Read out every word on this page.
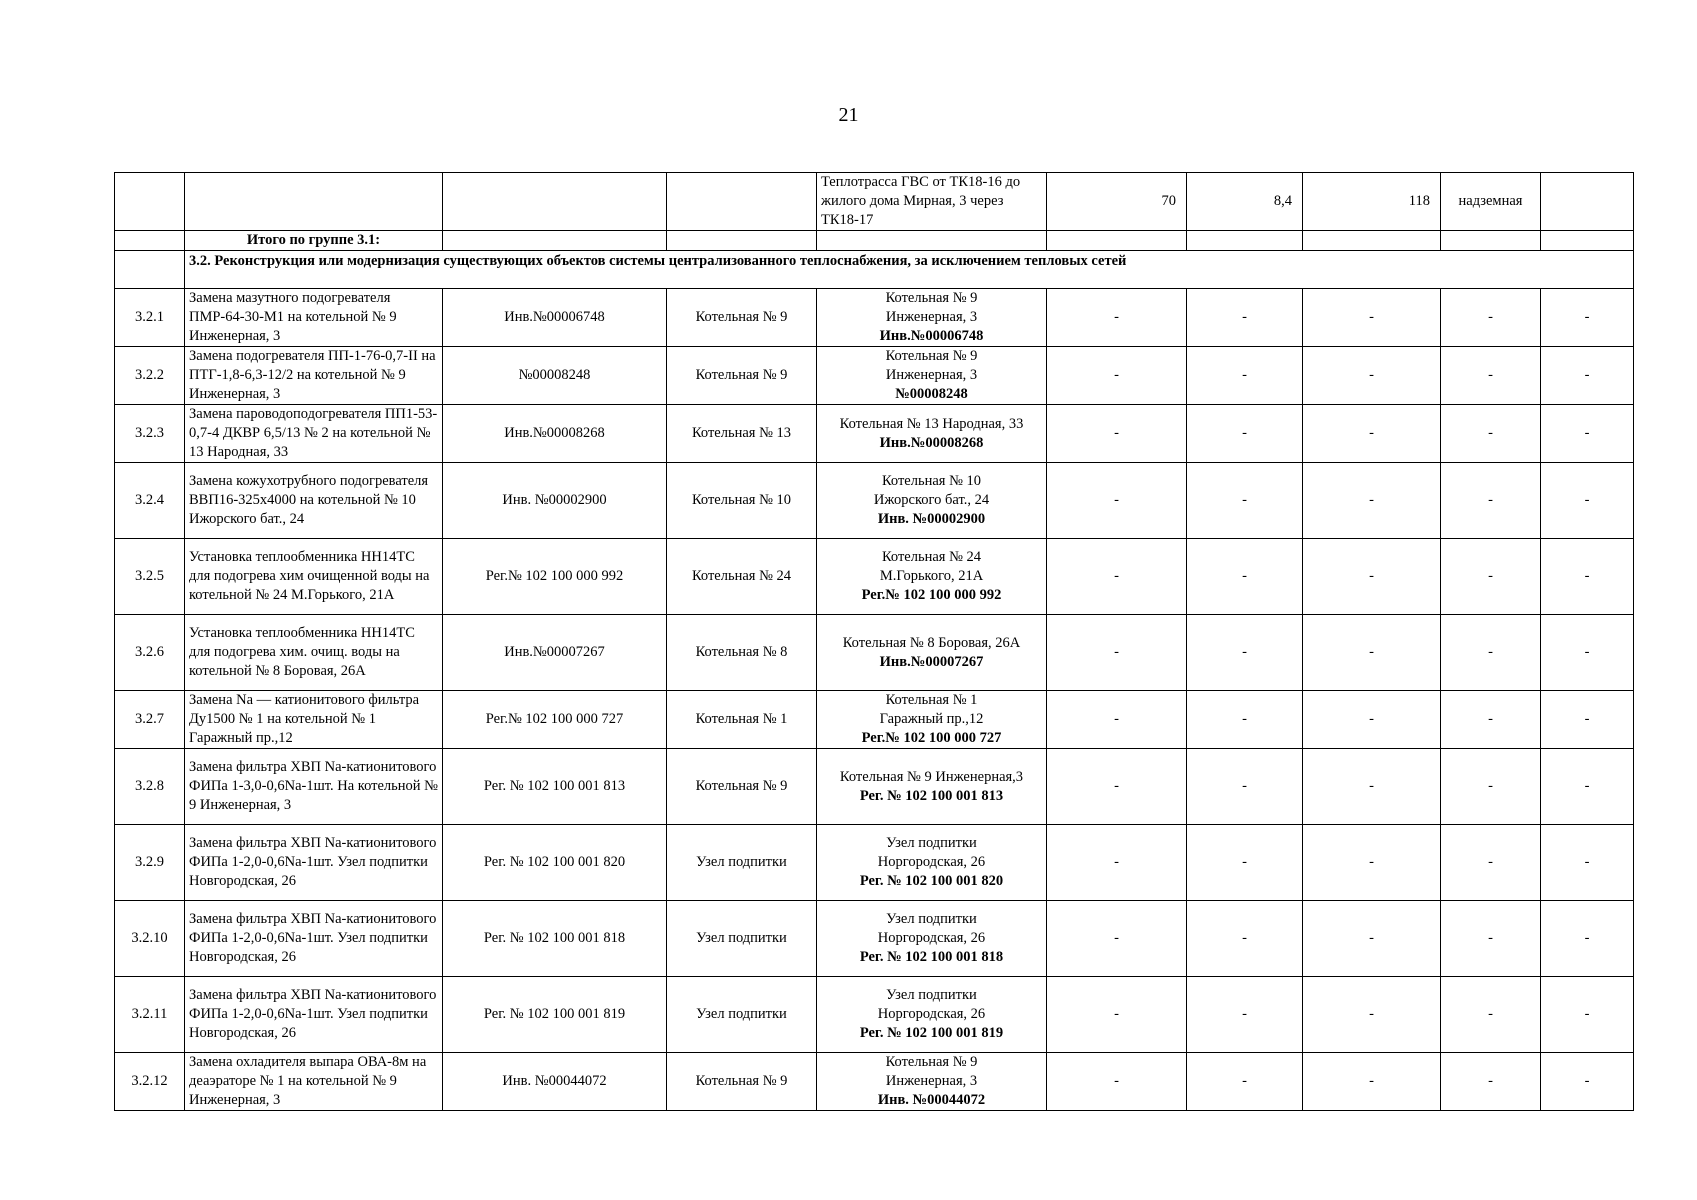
21
				Теплотрасса ГВС от ТК18-16 до жилого дома Мирная, 3 через ТК18-17	70	8,4	118	надземная	
	Итого по группе 3.1:								
	3.2. Реконструкция или модернизация существующих объектов системы централизованного теплоснабжения, за исключением тепловых сетей								
3.2.1	Замена мазутного подогревателя ПМР-64-30-М1 на котельной № 9 Инженерная, 3	Инв.№00006748	Котельная № 9	Котельная № 9
Инженерная, 3
Инв.№00006748	-	-	-	-	-
3.2.2	Замена подогревателя ПП-1-76-0,7-II на ПТГ-1,8-6,3-12/2 на котельной № 9 Инженерная, 3	№00008248	Котельная № 9	Котельная № 9
Инженерная, 3
№00008248	-	-	-	-	-
3.2.3	Замена пароводоподогревателя ПП1-53-0,7-4 ДКВР 6,5/13 № 2 на котельной № 13 Народная, 33	Инв.№00008268	Котельная № 13	Котельная № 13 Народная, 33
Инв.№00008268	-	-	-	-	-
3.2.4	Замена кожухотрубного подогревателя ВВП16-325х4000 на котельной № 10 Ижорского бат., 24	Инв. №00002900	Котельная № 10	Котельная № 10
Ижорского бат., 24
Инв. №00002900	-	-	-	-	-
3.2.5	Установка теплообменника НН14ТС для подогрева хим очищенной воды на котельной № 24 М.Горького, 21А	Рег.№ 102 100 000 992	Котельная № 24	Котельная № 24
М.Горького, 21А
Рег.№ 102 100 000 992	-	-	-	-	-
3.2.6	Установка теплообменника НН14ТС для подогрева хим. очищ. воды на котельной № 8 Боровая, 26А	Инв.№00007267	Котельная № 8	Котельная № 8 Боровая, 26А
Инв.№00007267	-	-	-	-	-
3.2.7	Замена Na — катионитового фильтра Ду1500 № 1 на котельной № 1 Гаражный пр.,12	Рег.№ 102 100 000 727	Котельная № 1	Котельная № 1
Гаражный пр.,12
Рег.№ 102 100 000 727	-	-	-	-	-
3.2.8	Замена фильтра ХВП Na-катионитового ФИПа 1-3,0-0,6Na-1шт. На котельной № 9 Инженерная, 3	Рег. № 102 100 001 813	Котельная № 9	Котельная № 9 Инженерная,3
Рег. № 102 100 001 813	-	-	-	-	-
3.2.9	Замена фильтра ХВП Na-катионитового ФИПа 1-2,0-0,6Na-1шт. Узел подпитки Новгородская, 26	Рег. № 102 100 001 820	Узел подпитки	Узел подпитки
Норгородская, 26
Рег. № 102 100 001 820	-	-	-	-	-
3.2.10	Замена фильтра ХВП Na-катионитового ФИПа 1-2,0-0,6Na-1шт. Узел подпитки Новгородская, 26	Рег. № 102 100 001 818	Узел подпитки	Узел подпитки
Норгородская, 26
Рег. № 102 100 001 818	-	-	-	-	-
3.2.11	Замена фильтра ХВП Na-катионитового ФИПа 1-2,0-0,6Na-1шт. Узел подпитки Новгородская, 26	Рег. № 102 100 001 819	Узел подпитки	Узел подпитки
Норгородская, 26
Рег. № 102 100 001 819	-	-	-	-	-
3.2.12	Замена охладителя выпара ОВА-8м на деаэраторе № 1 на котельной № 9 Инженерная, 3	Инв. №00044072	Котельная № 9	Котельная № 9
Инженерная, 3
Инв. №00044072	-	-	-	-	-
